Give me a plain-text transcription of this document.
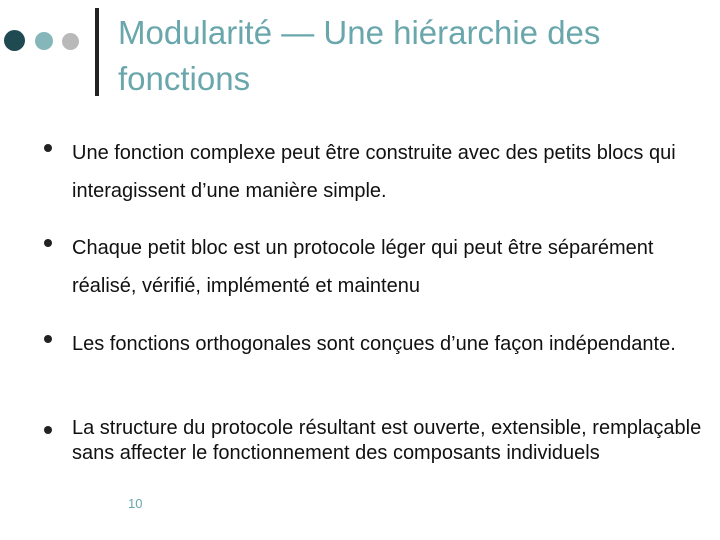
Modularité — Une hiérarchie des fonctions
Une fonction complexe peut être construite avec des petits blocs qui interagissent d’une manière simple.
Chaque petit bloc est un protocole léger qui peut être séparément réalisé, vérifié, implémenté et maintenu
Les fonctions orthogonales sont conçues d’une façon indépendante.
La structure du protocole résultant est ouverte, extensible, remplaçable sans affecter le fonctionnement des composants individuels
10
